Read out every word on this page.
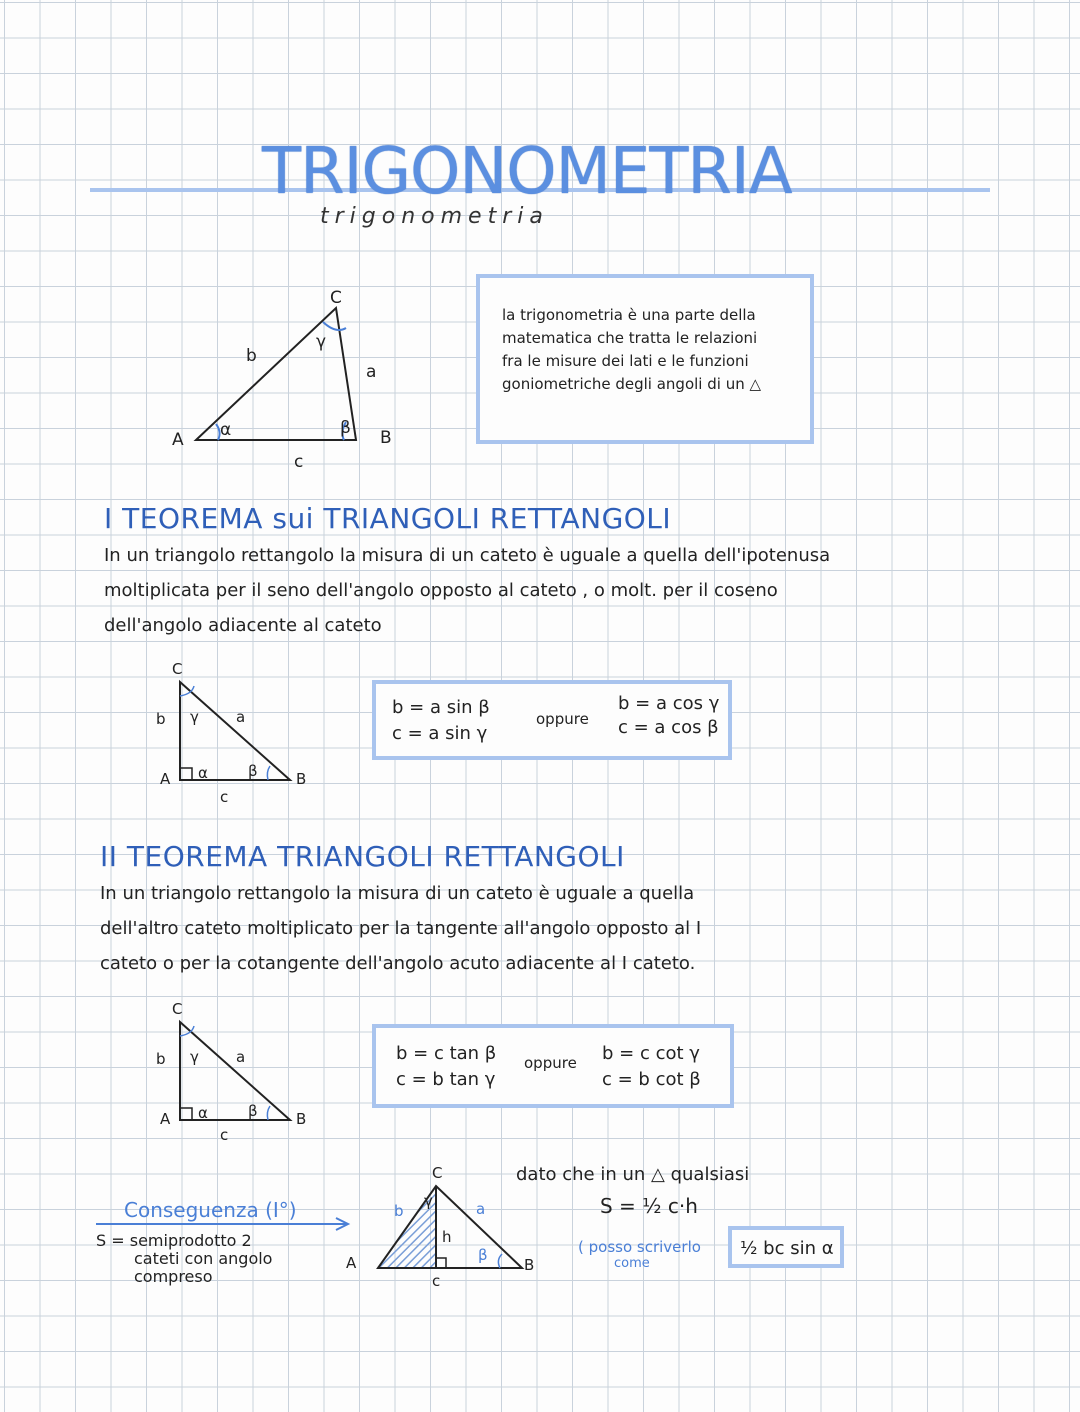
TRIGONOMETRIA
trigonometria
C
A	B
a
b
c
α	β
γ
la trigonometria è una parte della
matematica che tratta le relazioni
fra le misure dei lati e le funzioni
goniometriche degli angoli di un △
I TEOREMA sui TRIANGOLI RETTANGOLI
In un triangolo rettangolo la misura di un cateto è uguale a quella dell'ipotenusa
moltiplicata per il seno dell'angolo opposto al cateto , o molt. per il coseno
dell'angolo adiacente al cateto
C
b γ a
A α	β	B
c
b = a sin β
c = a sin γ
oppure
b = a cos γ
c = a cos β
II TEOREMA TRIANGOLI RETTANGOLI
In un triangolo rettangolo la misura di un cateto è uguale a quella
dell'altro cateto moltiplicato per la tangente all'angolo opposto al I
cateto o per la cotangente dell'angolo acuto adiacente al I cateto.
C
b γ a
A α	β	B
c
b = c tan β
c = b tan γ
oppure b = c cot γ
c = b cot β
Conseguenza (I°)
S = semiprodotto 2
cateti con angolo
compreso
C
b
γ	a
h
A	β
B
c
dato che in un △ qualsiasi
S = ½ c·h
( posso scriverlo
come
½ bc sin α
